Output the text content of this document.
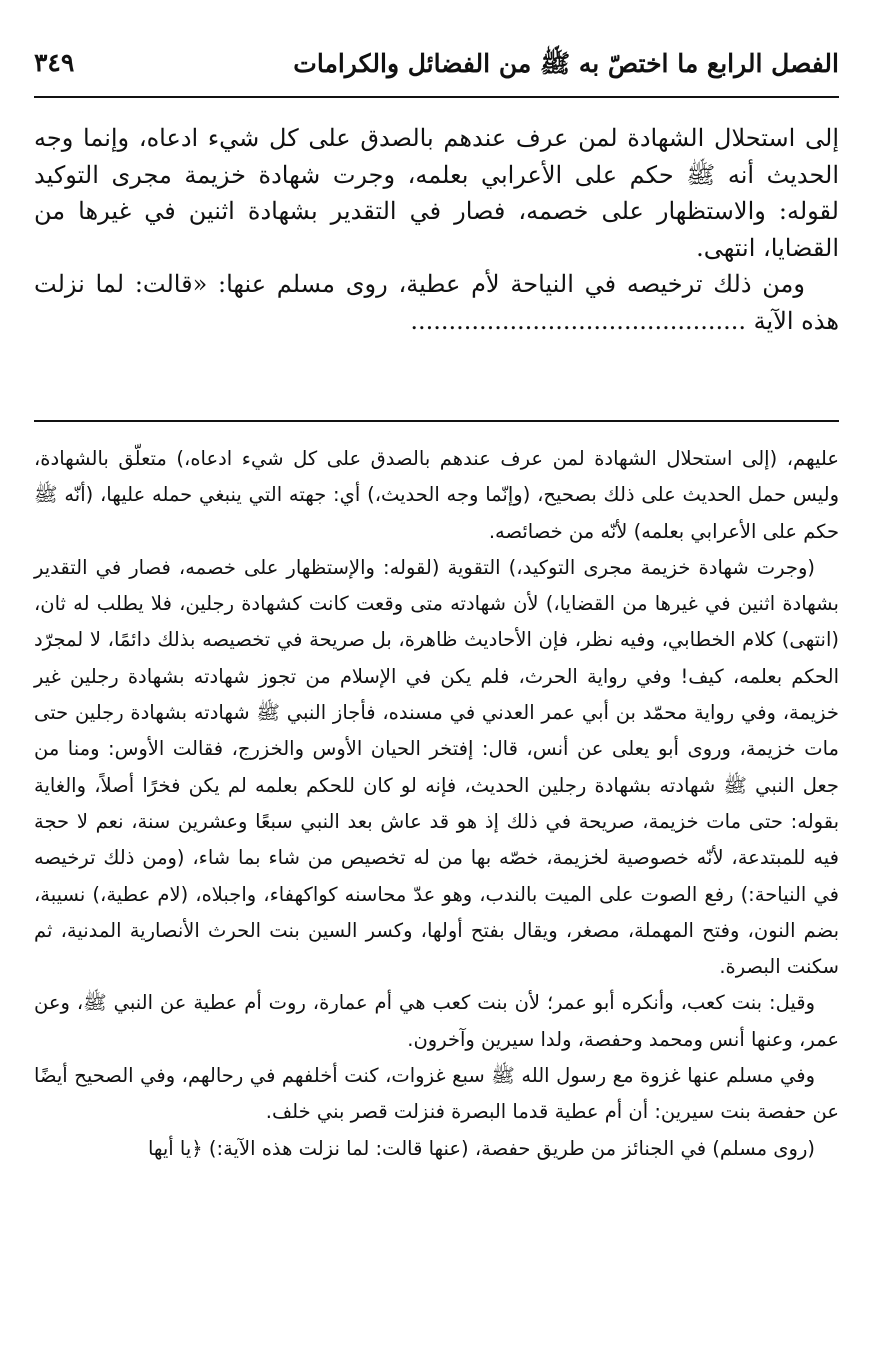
الفصل الرابع ما اختصّ به ﷺ من الفضائل والكرامات
٣٤٩

إلى استحلال الشهادة لمن عرف عندهم بالصدق على كل شيء ادعاه، وإنما وجه الحديث أنه ﷺ حكم على الأعرابي بعلمه، وجرت شهادة خزيمة مجرى التوكيد لقوله: والاستظهار على خصمه، فصار في التقدير بشهادة اثنين في غيرها من القضايا، انتهى.

ومن ذلك ترخيصه في النياحة لأم عطية، روى مسلم عنها: «قالت: لما نزلت هذه الآية ............................................

عليهم، (إلى استحلال الشهادة لمن عرف عندهم بالصدق على كل شيء ادعاه،) متعلّق بالشهادة، وليس حمل الحديث على ذلك بصحيح، (وإنّما وجه الحديث،) أي: جهته التي ينبغي حمله عليها، (أنّه ﷺ حكم على الأعرابي بعلمه) لأنّه من خصائصه.

(وجرت شهادة خزيمة مجرى التوكيد،) التقوية (لقوله: والإستظهار على خصمه، فصار في التقدير بشهادة اثنين في غيرها من القضايا،) لأن شهادته متى وقعت كانت كشهادة رجلين، فلا يطلب له ثان، (انتهى) كلام الخطابي، وفيه نظر، فإن الأحاديث ظاهرة، بل صريحة في تخصيصه بذلك دائمًا، لا لمجرّد الحكم بعلمه، كيف! وفي رواية الحرث، فلم يكن في الإسلام من تجوز شهادته بشهادة رجلين غير خزيمة، وفي رواية محمّد بن أبي عمر العدني في مسنده، فأجاز النبي ﷺ شهادته بشهادة رجلين حتى مات خزيمة، وروى أبو يعلى عن أنس، قال: إفتخر الحيان الأوس والخزرج، فقالت الأوس: ومنا من جعل النبي ﷺ شهادته بشهادة رجلين الحديث، فإنه لو كان للحكم بعلمه لم يكن فخرًا أصلاً، والغاية بقوله: حتى مات خزيمة، صريحة في ذلك إذ هو قد عاش بعد النبي سبعًا وعشرين سنة، نعم لا حجة فيه للمبتدعة، لأنّه خصوصية لخزيمة، خصّه بها من له تخصيص من شاء بما شاء، (ومن ذلك ترخيصه في النياحة:) رفع الصوت على الميت بالندب، وهو عدّ محاسنه كواكهفاء، واجبلاه، (لام عطية،) نسيبة، بضم النون، وفتح المهملة، مصغر، ويقال بفتح أولها، وكسر السين بنت الحرث الأنصارية المدنية، ثم سكنت البصرة.

وقيل: بنت كعب، وأنكره أبو عمر؛ لأن بنت كعب هي أم عمارة، روت أم عطية عن النبي ﷺ، وعن عمر، وعنها أنس ومحمد وحفصة، ولدا سيرين وآخرون.

وفي مسلم عنها غزوة مع رسول الله ﷺ سبع غزوات، كنت أخلفهم في رحالهم، وفي الصحيح أيضًا عن حفصة بنت سيرين: أن أم عطية قدما البصرة فنزلت قصر بني خلف.

(روى مسلم) في الجنائز من طريق حفصة، (عنها قالت: لما نزلت هذه الآية:) ﴿يا أيها
